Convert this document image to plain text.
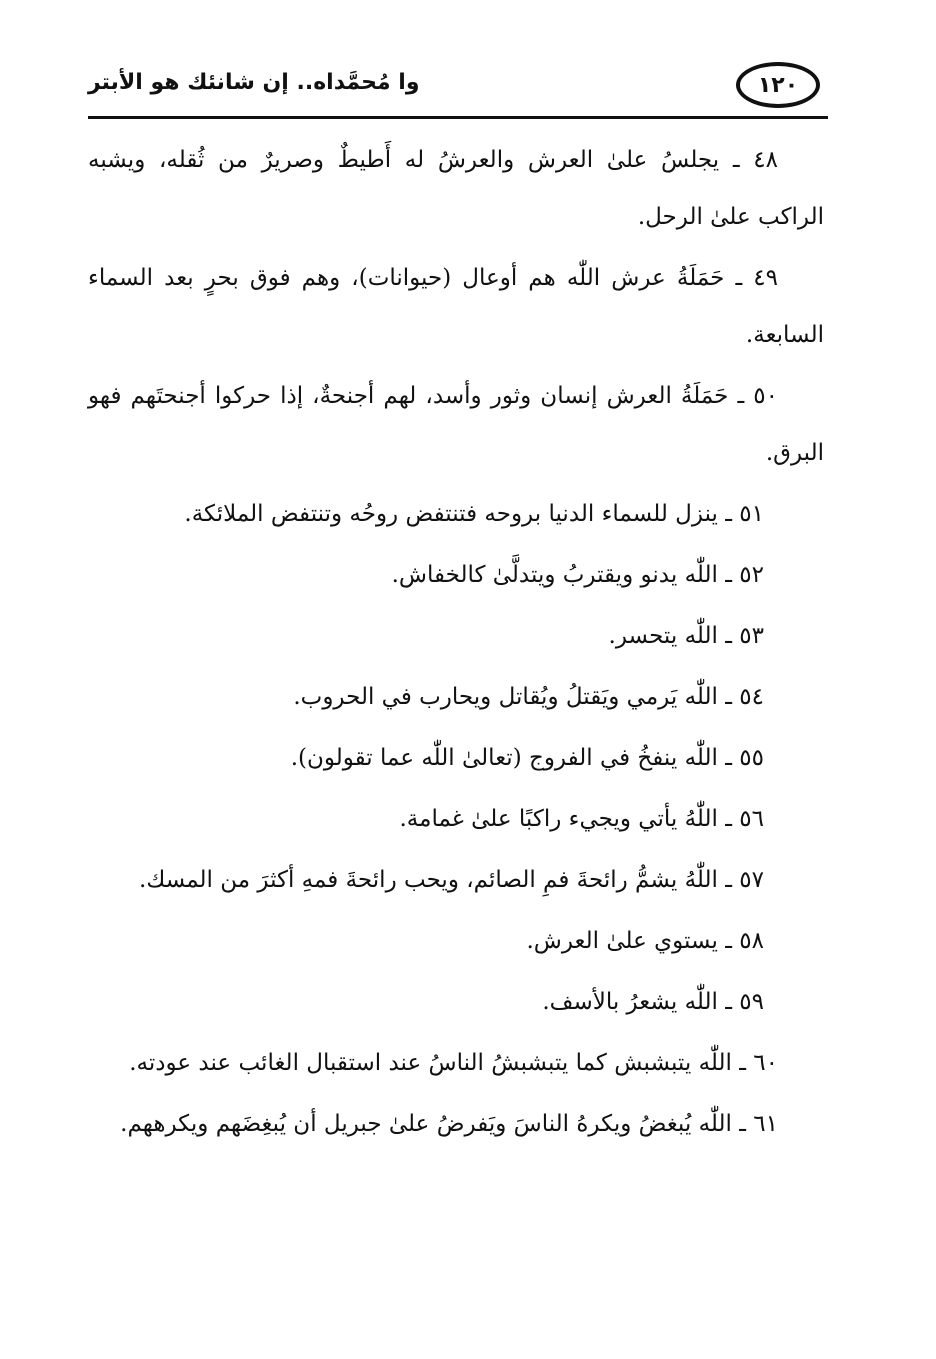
١٢٠
وا مُحمَّداه.. إن شانئك هو الأبتر

٤٨ ـ يجلسُ علىٰ العرش والعرشُ له أَطيطٌ وصريرٌ من ثُقله، ويشبه الراكب علىٰ الرحل.

٤٩ ـ حَمَلَةُ عرش اللّٰه هم أوعال (حيوانات)، وهم فوق بحرٍ بعد السماء السابعة.

٥٠ ـ حَمَلَةُ العرش إنسان وثور وأسد، لهم أجنحةٌ، إذا حركوا أجنحتَهم فهو البرق.

٥١ ـ ينزل للسماء الدنيا بروحه فتنتفض روحُه وتنتفض الملائكة.
٥٢ ـ اللّٰه يدنو ويقتربُ ويتدلَّىٰ كالخفاش.
٥٣ ـ اللّٰه يتحسر.
٥٤ ـ اللّٰه يَرمي ويَقتلُ ويُقاتل ويحارب في الحروب.
٥٥ ـ اللّٰه ينفخُ في الفروج (تعالىٰ اللّٰه عما تقولون).
٥٦ ـ اللّٰهُ يأتي ويجيء راكبًا علىٰ غمامة.
٥٧ ـ اللّٰهُ يشمُّ رائحةَ فمِ الصائم، ويحب رائحةَ فمهِ أكثرَ من المسك.
٥٨ ـ يستوي علىٰ العرش.
٥٩ ـ اللّٰه يشعرُ بالأسف.

٦٠ ـ اللّٰه يتبشبش كما يتبشبشُ الناسُ عند استقبال الغائب عند عودته.

٦١ ـ اللّٰه يُبغضُ ويكرهُ الناسَ ويَفرضُ علىٰ جبريل أن يُبغِضَهم ويكرههم.
